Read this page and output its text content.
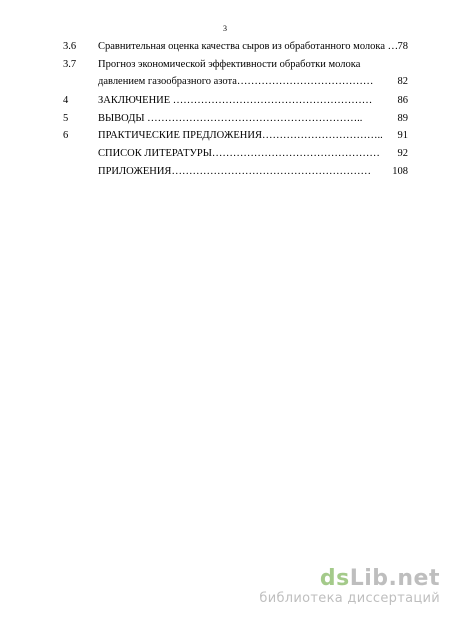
3
3.6 Сравнительная оценка качества сыров из обработанного молока … 78
3.7 Прогноз экономической эффективности обработки молока
давлением газообразного азота…………………………………	82
4	ЗАКЛЮЧЕНИЕ …………………………………………………	86
5	ВЫВОДЫ ……………………………………………………..	89
6	ПРАКТИЧЕСКИЕ ПРЕДЛОЖЕНИЯ……………………………..	91
СПИСОК ЛИТЕРАТУРЫ…………………………………………	92
ПРИЛОЖЕНИЯ…………………………………………………	108
dsLib.net
библиотека диссертаций
